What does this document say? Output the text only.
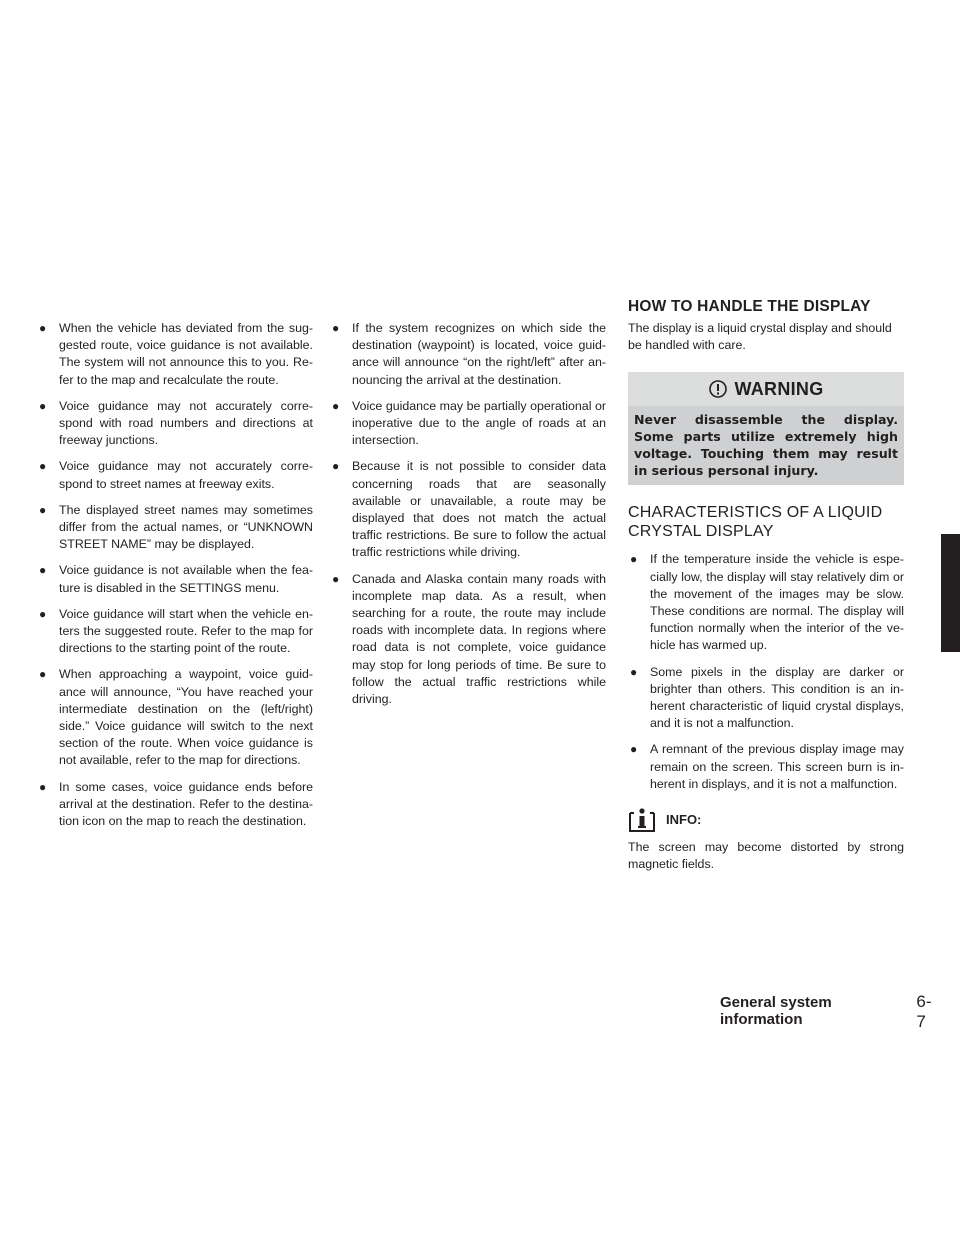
HOW TO HANDLE THE DISPLAY
● When the vehicle has deviated from the sug- gested route, voice guidance is not available. The system will not announce this to you. Re- fer to the map and recalculate the route.
● Voice guidance may not accurately corre- spond with road numbers and directions at freeway junctions.
● Voice guidance may not accurately corre- spond to street names at freeway exits.
● The displayed street names may sometimes differ from the actual names, or “UNKNOWN STREET NAME” may be displayed.
● Voice guidance is not available when the fea- ture is disabled in the SETTINGS menu.
● Voice guidance will start when the vehicle en- ters the suggested route. Refer to the map for directions to the starting point of the route.
● When approaching a waypoint, voice guid- ance will announce, “You have reached your intermediate destination on the (left/right) side.” Voice guidance will switch to the next section of the route. When voice guidance is not available, refer to the map for directions.
● In some cases, voice guidance ends before arrival at the destination. Refer to the destina- tion icon on the map to reach the destination.
● If the system recognizes on which side the destination (waypoint) is located, voice guid- ance will announce “on the right/left” after an- nouncing the arrival at the destination.
● Voice guidance may be partially operational or inoperative due to the angle of roads at an intersection.
● Because it is not possible to consider data concerning roads that are seasonally available or unavailable, a route may be displayed that does not match the actual traffic restrictions. Be sure to follow the actual traffic restrictions while driving.
● Canada and Alaska contain many roads with incomplete map data. As a result, when searching for a route, the route may include roads with incomplete data. In regions where road data is not complete, voice guidance may stop for long periods of time. Be sure to follow the actual traffic restrictions while driving.

The display is a liquid crystal display and should be handled with care.

WARNING
Never disassemble the display. Some parts utilize extremely high voltage. Touching them may result in serious personal injury.
CHARACTERISTICS OF A LIQUID CRYSTAL DISPLAY
● If the temperature inside the vehicle is espe- cially low, the display will stay relatively dim or the movement of the images may be slow. These conditions are normal. The display will function normally when the interior of the ve- hicle has warmed up.
● Some pixels in the display are darker or brighter than others. This condition is an in- herent characteristic of liquid crystal displays, and it is not a malfunction.
● A remnant of the previous display image may remain on the screen. This screen burn is in- herent in displays, and it is not a malfunction.
INFO:
The screen may become distorted by strong magnetic fields.
General system information
6-7
